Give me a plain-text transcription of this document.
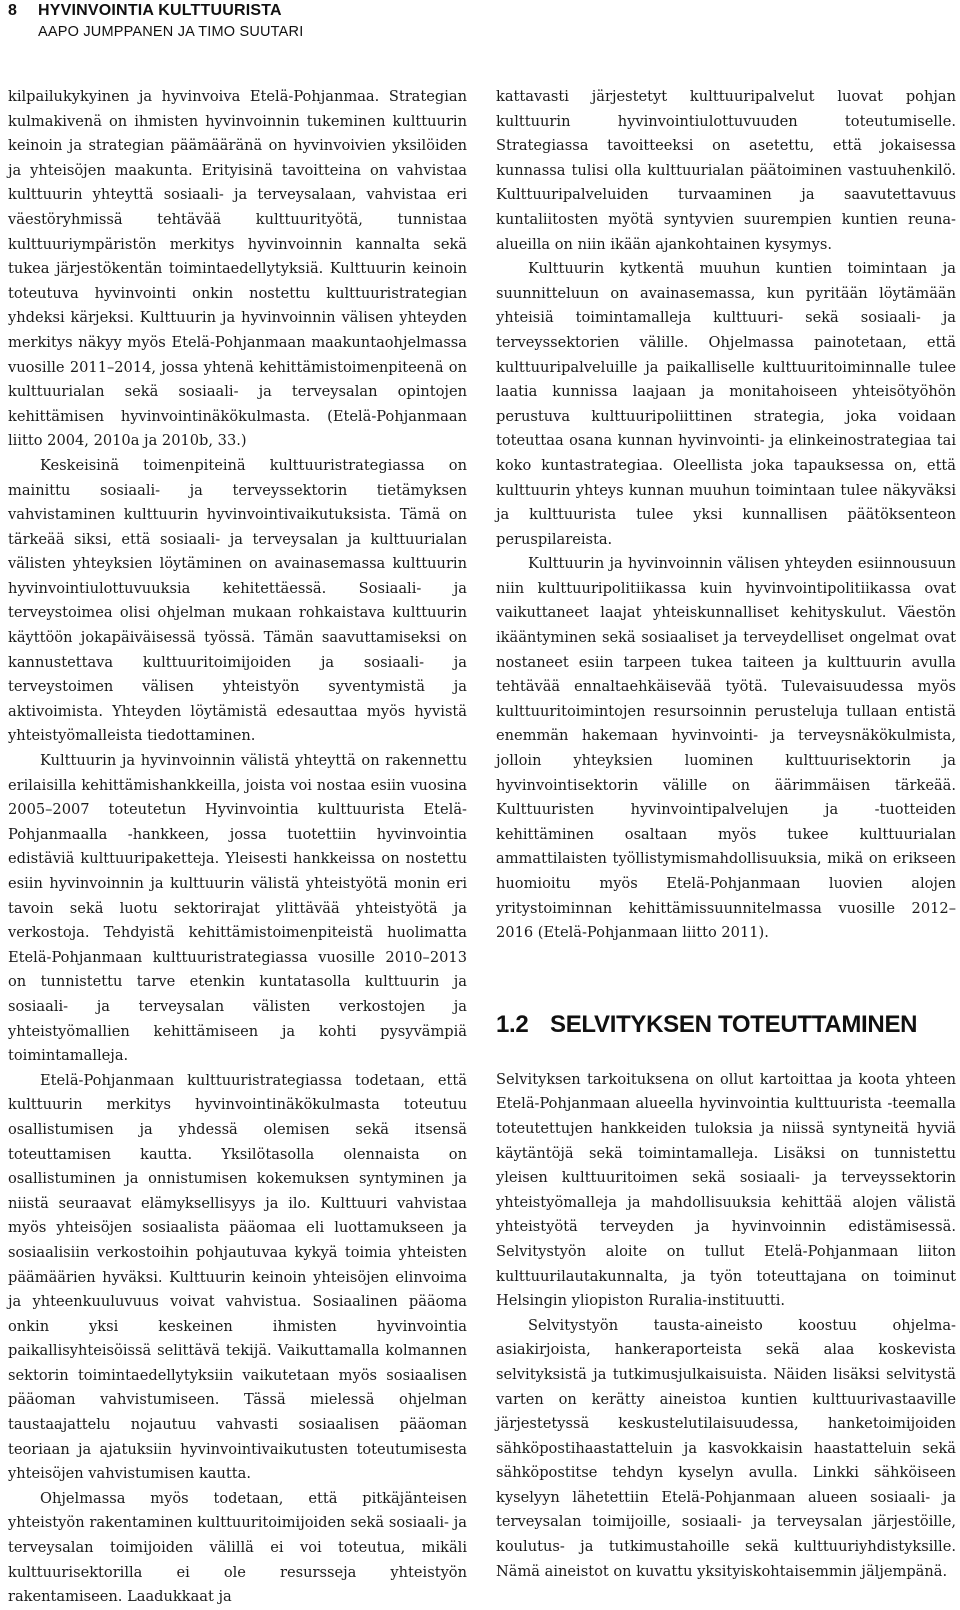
8 HYVINVOINTIA KULTTUURISTA
AAPO JUMPPANEN JA TIMO SUUTARI

kilpailukykyinen ja hyvinvoiva Etelä-Pohjanmaa. Strategian kulmakivenä on ihmisten hyvinvoinnin tukeminen kulttuurin keinoin ja strategian päämääränä on hyvinvoivien yksilöiden ja yhteisöjen maakunta. Erityisinä tavoitteina on vahvistaa kulttuurin yhteyttä sosiaali- ja terveysalaan, vahvistaa eri väestöryhmissä tehtävää kulttuurityötä, tunnistaa kulttuuriympäristön merkitys hyvinvoinnin kannalta sekä tukea järjestökentän toimintaedellytyksiä. Kulttuurin keinoin toteutuva hyvinvointi onkin nostettu kulttuuristrategian yhdeksi kärjeksi. Kulttuurin ja hyvinvoinnin välisen yhteyden merkitys näkyy myös Etelä-Pohjanmaan maakuntaohjelmassa vuosille 2011–2014, jossa yhtenä kehittämistoimenpiteenä on kulttuurialan sekä sosiaali- ja terveysalan opintojen kehittämisen hyvinvointinäkökulmasta. (Etelä-Pohjanmaan liitto 2004, 2010a ja 2010b, 33.)

Keskeisinä toimenpiteinä kulttuuristrategiassa on mainittu sosiaali- ja terveyssektorin tietämyksen vahvistaminen kulttuurin hyvinvointivaikutuksista. Tämä on tärkeää siksi, että sosiaali- ja terveysalan ja kulttuurialan välisten yhteyksien löytäminen on avainasemassa kulttuurin hyvinvointiulottuvuuksia kehitettäessä. Sosiaali- ja terveystoimea olisi ohjelman mukaan rohkaistava kulttuurin käyttöön jokapäiväisessä työssä. Tämän saavuttamiseksi on kannustettava kulttuuritoimijoiden ja sosiaali- ja terveystoimen välisen yhteistyön syventymistä ja aktivoimista. Yhteyden löytämistä edesauttaa myös hyvistä yhteistyömalleista tiedottaminen.

Kulttuurin ja hyvinvoinnin välistä yhteyttä on rakennettu erilaisilla kehittämishankkeilla, joista voi nostaa esiin vuosina 2005–2007 toteutetun Hyvinvointia kulttuurista Etelä-Pohjanmaalla -hankkeen, jossa tuotettiin hyvinvointia edistäviä kulttuuripaketteja. Yleisesti hankkeissa on nostettu esiin hyvinvoinnin ja kulttuurin välistä yhteistyötä monin eri tavoin sekä luotu sektorirajat ylittävää yhteistyötä ja verkostoja. Tehdyistä kehittämistoimenpiteistä huolimatta Etelä-Pohjanmaan kulttuuristrategiassa vuosille 2010–2013 on tunnistettu tarve etenkin kuntatasolla kulttuurin ja sosiaali- ja terveysalan välisten verkostojen ja yhteistyömallien kehittämiseen ja kohti pysyvämpiä toimintamalleja.

Etelä-Pohjanmaan kulttuuristrategiassa todetaan, että kulttuurin merkitys hyvinvointinäkökulmasta toteutuu osallistumisen ja yhdessä olemisen sekä itsensä toteuttamisen kautta. Yksilötasolla olennaista on osallistuminen ja onnistumisen kokemuksen syntyminen ja niistä seuraavat elämyksellisyys ja ilo. Kulttuuri vahvistaa myös yhteisöjen sosiaalista pääomaa eli luottamukseen ja sosiaalisiin verkostoihin pohjautuvaa kykyä toimia yhteisten päämäärien hyväksi. Kulttuurin keinoin yhteisöjen elinvoima ja yhteenkuuluvuus voivat vahvistua. Sosiaalinen pääoma onkin yksi keskeinen ihmisten hyvinvointia paikallisyhteisöissä selittävä tekijä. Vaikuttamalla kolmannen sektorin toimintaedellytyksiin vaikutetaan myös sosiaalisen pääoman vahvistumiseen. Tässä mielessä ohjelman taustaajattelu nojautuu vahvasti sosiaalisen pääoman teoriaan ja ajatuksiin hyvinvointivaikutusten toteutumisesta yhteisöjen vahvistumisen kautta.

Ohjelmassa myös todetaan, että pitkäjänteisen yhteistyön rakentaminen kulttuuritoimijoiden sekä sosiaali- ja terveysalan toimijoiden välillä ei voi toteutua, mikäli kulttuurisektorilla ei ole resursseja yhteistyön rakentamiseen. Laadukkaat ja

kattavasti järjestetyt kulttuuripalvelut luovat pohjan kulttuurin hyvinvointiulottuvuuden toteutumiselle. Strategiassa tavoitteeksi on asetettu, että jokaisessa kunnassa tulisi olla kulttuurialan päätoiminen vastuuhenkilö. Kulttuuripalveluiden turvaaminen ja saavutettavuus kuntaliitosten myötä syntyvien suurempien kuntien reuna-alueilla on niin ikään ajankohtainen kysymys.

Kulttuurin kytkentä muuhun kuntien toimintaan ja suunnitteluun on avainasemassa, kun pyritään löytämään yhteisiä toimintamalleja kulttuuri- sekä sosiaali- ja terveyssektorien välille. Ohjelmassa painotetaan, että kulttuuripalveluille ja paikalliselle kulttuuritoiminnalle tulee laatia kunnissa laajaan ja monitahoiseen yhteisötyöhön perustuva kulttuuripoliittinen strategia, joka voidaan toteuttaa osana kunnan hyvinvointi- ja elinkeinostrategiaa tai koko kuntastrategiaa. Oleellista joka tapauksessa on, että kulttuurin yhteys kunnan muuhun toimintaan tulee näkyväksi ja kulttuurista tulee yksi kunnallisen päätöksenteon peruspilareista.

Kulttuurin ja hyvinvoinnin välisen yhteyden esiinnousuun niin kulttuuripolitiikassa kuin hyvinvointipolitiikassa ovat vaikuttaneet laajat yhteiskunnalliset kehityskulut. Väestön ikääntyminen sekä sosiaaliset ja terveydelliset ongelmat ovat nostaneet esiin tarpeen tukea taiteen ja kulttuurin avulla tehtävää ennaltaehkäisevää työtä. Tulevaisuudessa myös kulttuuritoimintojen resursoinnin perusteluja tullaan entistä enemmän hakemaan hyvinvointi- ja terveysnäkökulmista, jolloin yhteyksien luominen kulttuurisektorin ja hyvinvointisektorin välille on äärimmäisen tärkeää. Kulttuuristen hyvinvointipalvelujen ja -tuotteiden kehittäminen osaltaan myös tukee kulttuurialan ammattilaisten työllistymismahdollisuuksia, mikä on erikseen huomioitu myös Etelä-Pohjanmaan luovien alojen yritystoiminnan kehittämissuunnitelmassa vuosille 2012–2016 (Etelä-Pohjanmaan liitto 2011).

1.2 SELVITYKSEN TOTEUTTAMINEN

Selvityksen tarkoituksena on ollut kartoittaa ja koota yhteen Etelä-Pohjanmaan alueella hyvinvointia kulttuurista -teemalla toteutettujen hankkeiden tuloksia ja niissä syntyneitä hyviä käytäntöjä sekä toimintamalleja. Lisäksi on tunnistettu yleisen kulttuuritoimen sekä sosiaali- ja terveyssektorin yhteistyömalleja ja mahdollisuuksia kehittää alojen välistä yhteistyötä terveyden ja hyvinvoinnin edistämisessä. Selvitystyön aloite on tullut Etelä-Pohjanmaan liiton kulttuurilautakunnalta, ja työn toteuttajana on toiminut Helsingin yliopiston Ruralia-instituutti.

Selvitystyön tausta-aineisto koostuu ohjelma-asiakirjoista, hankeraporteista sekä alaa koskevista selvityksistä ja tutkimusjulkaisuista. Näiden lisäksi selvitystä varten on kerätty aineistoa kuntien kulttuurivastaaville järjestetyssä keskustelutilaisuudessa, hanketoimijoiden sähköpostihaastatteluin ja kasvokkaisin haastatteluin sekä sähköpostitse tehdyn kyselyn avulla. Linkki sähköiseen kyselyyn lähetettiin Etelä-Pohjanmaan alueen sosiaali- ja terveysalan toimijoille, sosiaali- ja terveysalan järjestöille, koulutus- ja tutkimustahoille sekä kulttuuriyhdistyksille. Nämä aineistot on kuvattu yksityiskohtaisemmin jäljempänä.
